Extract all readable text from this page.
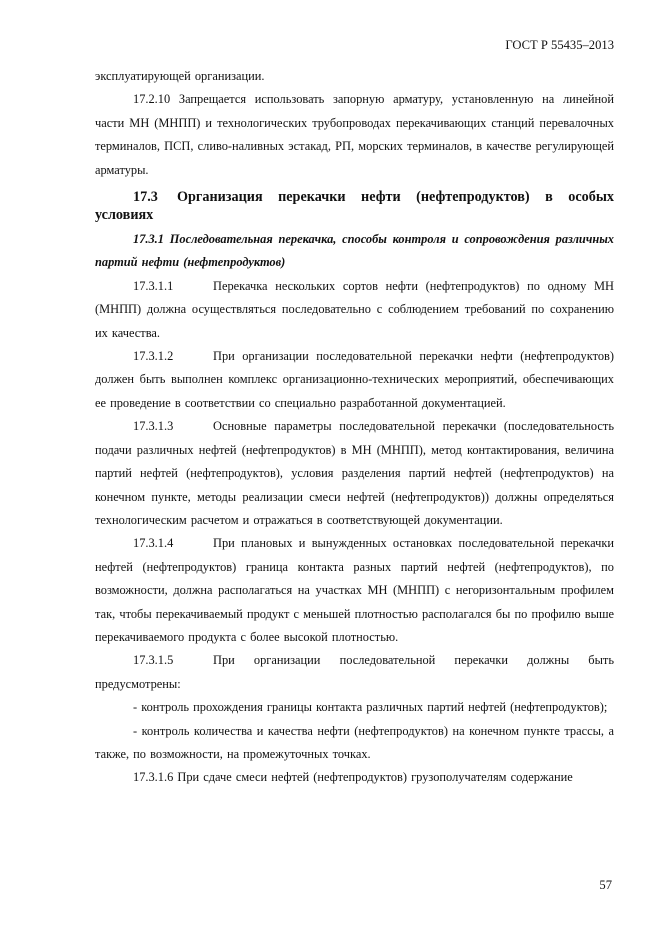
ГОСТ Р 55435–2013

эксплуатирующей организации.

17.2.10 Запрещается использовать запорную арматуру, установленную на линейной части МН (МНПП) и технологических трубопроводах перекачивающих станций перевалочных терминалов, ПСП, сливо-наливных эстакад, РП, морских терминалов, в качестве регулирующей арматуры.

17.3 Организация перекачки нефти (нефтепродуктов) в особых условиях

17.3.1 Последовательная перекачка, способы контроля и сопровождения различных партий нефти (нефтепродуктов)

17.3.1.1	Перекачка нескольких сортов нефти (нефтепродуктов) по одному МН (МНПП) должна осуществляться последовательно с соблюдением требований по сохранению их качества.

17.3.1.2	При организации последовательной перекачки нефти (нефтепродуктов) должен быть выполнен комплекс организационно-технических мероприятий, обеспечивающих ее проведение в соответствии со специально разработанной документацией.

17.3.1.3	Основные параметры последовательной перекачки (последовательность подачи различных нефтей (нефтепродуктов) в МН (МНПП), метод контактирования, величина партий нефтей (нефтепродуктов), условия разделения партий нефтей (нефтепродуктов) на конечном пункте, методы реализации смеси нефтей (нефтепродуктов)) должны определяться технологическим расчетом и отражаться в соответствующей документации.

17.3.1.4	При плановых и вынужденных остановках последовательной перекачки нефтей (нефтепродуктов) граница контакта разных партий нефтей (нефтепродуктов), по возможности, должна располагаться на участках МН (МНПП) с негоризонтальным профилем так, чтобы перекачиваемый продукт с меньшей плотностью располагался бы по профилю выше перекачиваемого продукта с более высокой плотностью.

17.3.1.5	При организации последовательной перекачки должны быть предусмотрены:

- контроль прохождения границы контакта различных партий нефтей (нефтепродуктов);

- контроль количества и качества нефти (нефтепродуктов) на конечном пункте трассы, а также, по возможности, на промежуточных точках.

17.3.1.6 При сдаче смеси нефтей (нефтепродуктов) грузополучателям содержание

57
